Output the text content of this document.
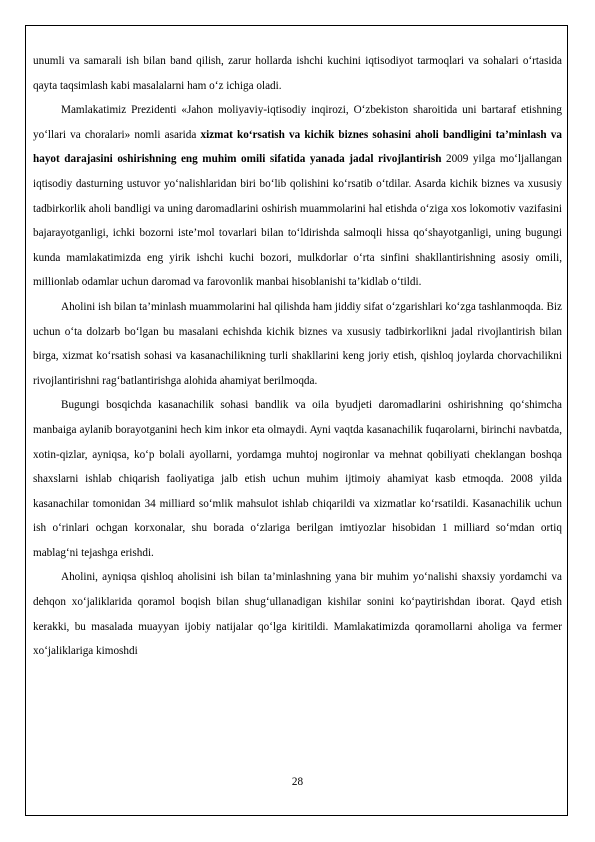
unumli va samarali ish bilan band qilish, zarur hollarda ishchi kuchini iqtisodiyot tarmoqlari va sohalari o‘rtasida qayta taqsimlash kabi masalalarni ham o‘z ichiga oladi.

Mamlakatimiz Prezidenti «Jahon moliyaviy-iqtisodiy inqirozi, O‘zbekiston sharoitida uni bartaraf etishning yo‘llari va choralari» nomli asarida xizmat ko‘rsatish va kichik biznes sohasini aholi bandligini ta’minlash va hayot darajasini oshirishning eng muhim omili sifatida yanada jadal rivojlantirish 2009 yilga mo‘ljallangan iqtisodiy dasturning ustuvor yo‘nalishlaridan biri bo‘lib qolishini ko‘rsatib o‘tdilar. Asarda kichik biznes va xususiy tadbirkorlik aholi bandligi va uning daromadlarini oshirish muammolarini hal etishda o‘ziga xos lokomotiv vazifasini bajarayotganligi, ichki bozorni iste’mol tovarlari bilan to‘ldirishda salmoqli hissa qo‘shayotganligi, uning bugungi kunda mamlakatimizda eng yirik ishchi kuchi bozori, mulkdorlar o‘rta sinfini shakllantirishning asosiy omili, millionlab odamlar uchun daromad va farovonlik manbai hisoblanishi ta’kidlab o‘tildi.

Aholini ish bilan ta’minlash muammolarini hal qilishda ham jiddiy sifat o‘zgarishlari ko‘zga tashlanmoqda. Biz uchun o‘ta dolzarb bo‘lgan bu masalani echishda kichik biznes va xususiy tadbirkorlikni jadal rivojlantirish bilan birga, xizmat ko‘rsatish sohasi va kasanachilikning turli shakllarini keng joriy etish, qishloq joylarda chorvachilikni rivojlantirishni rag‘batlantirishga alohida ahamiyat berilmoqda.

Bugungi bosqichda kasanachilik sohasi bandlik va oila byudjeti daromadlarini oshirishning qo‘shimcha manbaiga aylanib borayotganini hech kim inkor eta olmaydi. Ayni vaqtda kasanachilik fuqarolarni, birinchi navbatda, xotin-qizlar, ayniqsa, ko‘p bolali ayollarni, yordamga muhtoj nogironlar va mehnat qobiliyati cheklangan boshqa shaxslarni ishlab chiqarish faoliyatiga jalb etish uchun muhim ijtimoiy ahamiyat kasb etmoqda. 2008 yilda kasanachilar tomonidan 34 milliard so‘mlik mahsulot ishlab chiqarildi va xizmatlar ko‘rsatildi. Kasanachilik uchun ish o‘rinlari ochgan korxonalar, shu borada o‘zlariga berilgan imtiyozlar hisobidan 1 milliard so‘mdan ortiq mablag‘ni tejashga erishdi.

Aholini, ayniqsa qishloq aholisini ish bilan ta’minlashning yana bir muhim yo‘nalishi shaxsiy yordamchi va dehqon xo‘jaliklarida qoramol boqish bilan shug‘ullanadigan kishilar sonini ko‘paytirishdan iborat. Qayd etish kerakki, bu masalada muayyan ijobiy natijalar qo‘lga kiritildi. Mamlakatimizda qoramollarni aholiga va fermer xo‘jaliklariga kimoshdi

28
